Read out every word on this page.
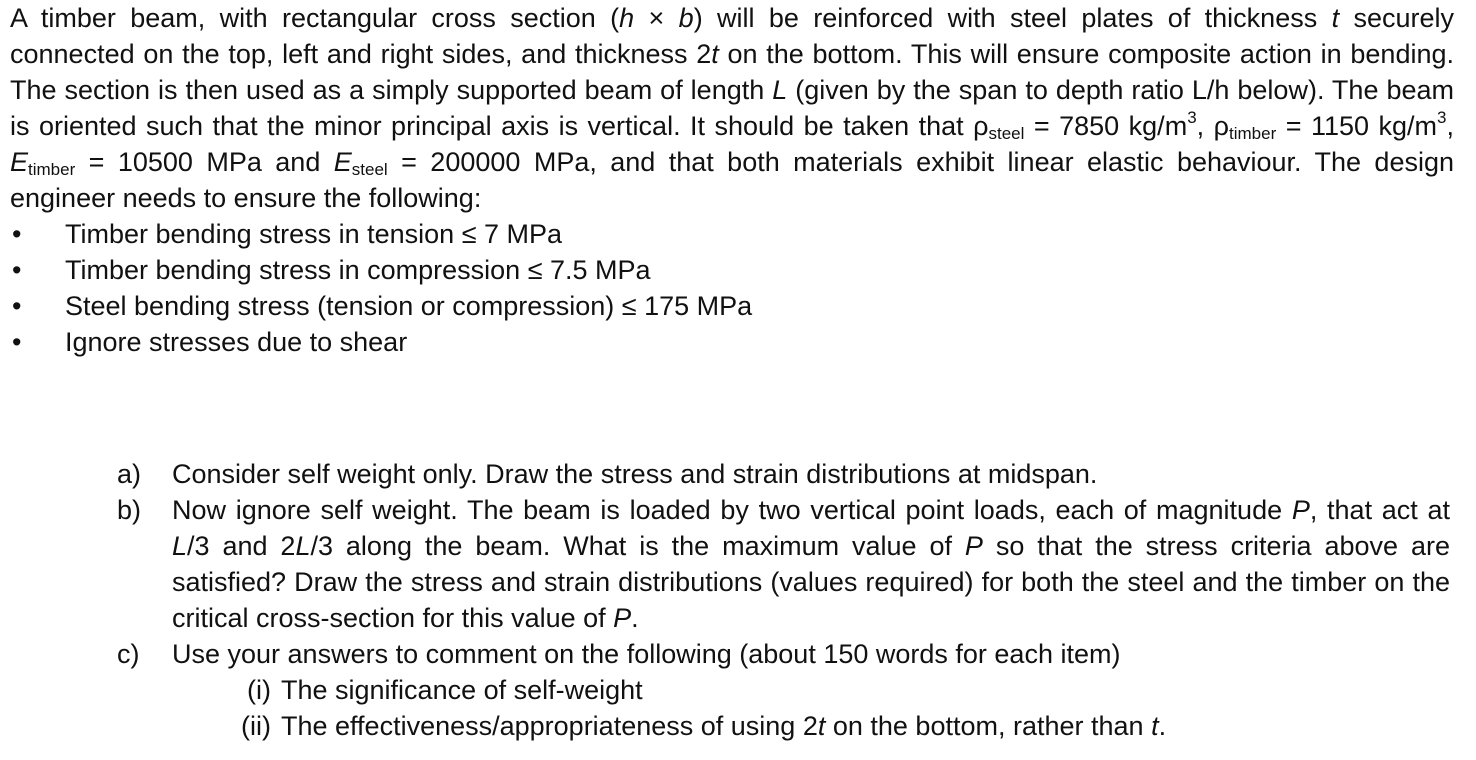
A timber beam, with rectangular cross section (h × b) will be reinforced with steel plates of thickness t securely connected on the top, left and right sides, and thickness 2t on the bottom. This will ensure composite action in bending. The section is then used as a simply supported beam of length L (given by the span to depth ratio L/h below). The beam is oriented such that the minor principal axis is vertical. It should be taken that $\rho_{steel} = 7850$ $kg/m^3$, $\rho_{timber} = 1150$ $kg/m^3$, $E_{timber} = 10500$ MPa and $E_{steel} = 200000$ MPa, and that both materials exhibit linear elastic behaviour. The design engineer needs to ensure the following:

•	Timber bending stress in tension ≤ 7 MPa
•	Timber bending stress in compression ≤ 7.5 MPa
•	Steel bending stress (tension or compression) ≤ 175 MPa
•	Ignore stresses due to shear
a) Consider self weight only. Draw the stress and strain distributions at midspan.
b) Now ignore self weight. The beam is loaded by two vertical point loads, each of magnitude P, that act at L/3 and 2L/3 along the beam. What is the maximum value of P so that the stress criteria above are satisfied? Draw the stress and strain distributions (values required) for both the steel and the timber on the critical cross-section for this value of P.
c) Use your answers to comment on the following (about 150 words for each item)
(i) The significance of self-weight
(ii) The effectiveness/appropriateness of using 2t on the bottom, rather than t.
